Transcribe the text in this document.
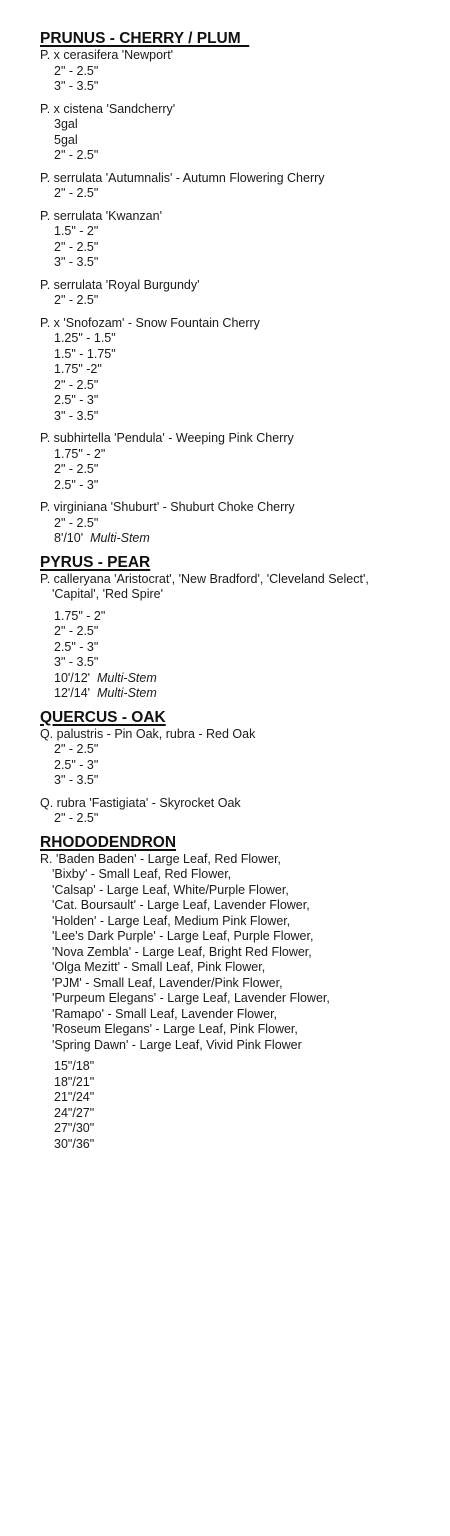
PRUNUS - CHERRY / PLUM
P. x cerasifera 'Newport'
2" - 2.5"
3" - 3.5"
P. x cistena 'Sandcherry'
3gal
5gal
2" - 2.5"
P. serrulata 'Autumnalis' - Autumn Flowering Cherry
2" - 2.5"
P. serrulata 'Kwanzan'
1.5" - 2"
2" - 2.5"
3" - 3.5"
P. serrulata 'Royal Burgundy'
2" - 2.5"
P. x 'Snofozam' - Snow Fountain Cherry
1.25" - 1.5"
1.5" - 1.75"
1.75" -2"
2" - 2.5"
2.5" - 3"
3" - 3.5"
P. subhirtella 'Pendula' - Weeping Pink Cherry
1.75" - 2"
2" - 2.5"
2.5" - 3"
P. virginiana 'Shuburt' - Shuburt Choke Cherry
2" - 2.5"
8'/10' Multi-Stem
PYRUS - PEAR
P. calleryana 'Aristocrat', 'New Bradford', 'Cleveland Select',
'Capital', 'Red Spire'
1.75" - 2"
2" - 2.5"
2.5" - 3"
3" - 3.5"
10'/12' Multi-Stem
12'/14' Multi-Stem
QUERCUS - OAK
Q. palustris - Pin Oak, rubra - Red Oak
2" - 2.5"
2.5" - 3"
3" - 3.5"
Q. rubra 'Fastigiata' - Skyrocket Oak
2" - 2.5"
RHODODENDRON
R. 'Baden Baden' - Large Leaf, Red Flower,
'Bixby' - Small Leaf, Red Flower,
'Calsap' - Large Leaf, White/Purple Flower,
'Cat. Boursault' - Large Leaf, Lavender Flower,
'Holden' - Large Leaf, Medium Pink Flower,
'Lee's Dark Purple' - Large Leaf, Purple Flower,
'Nova Zembla' - Large Leaf, Bright Red Flower,
'Olga Mezitt' - Small Leaf, Pink Flower,
'PJM' - Small Leaf, Lavender/Pink Flower,
'Purpeum Elegans' - Large Leaf, Lavender Flower,
'Ramapo' - Small Leaf, Lavender Flower,
'Roseum Elegans' - Large Leaf, Pink Flower,
'Spring Dawn' - Large Leaf, Vivid Pink Flower
15"/18"
18"/21"
21"/24"
24"/27"
27"/30"
30"/36"
